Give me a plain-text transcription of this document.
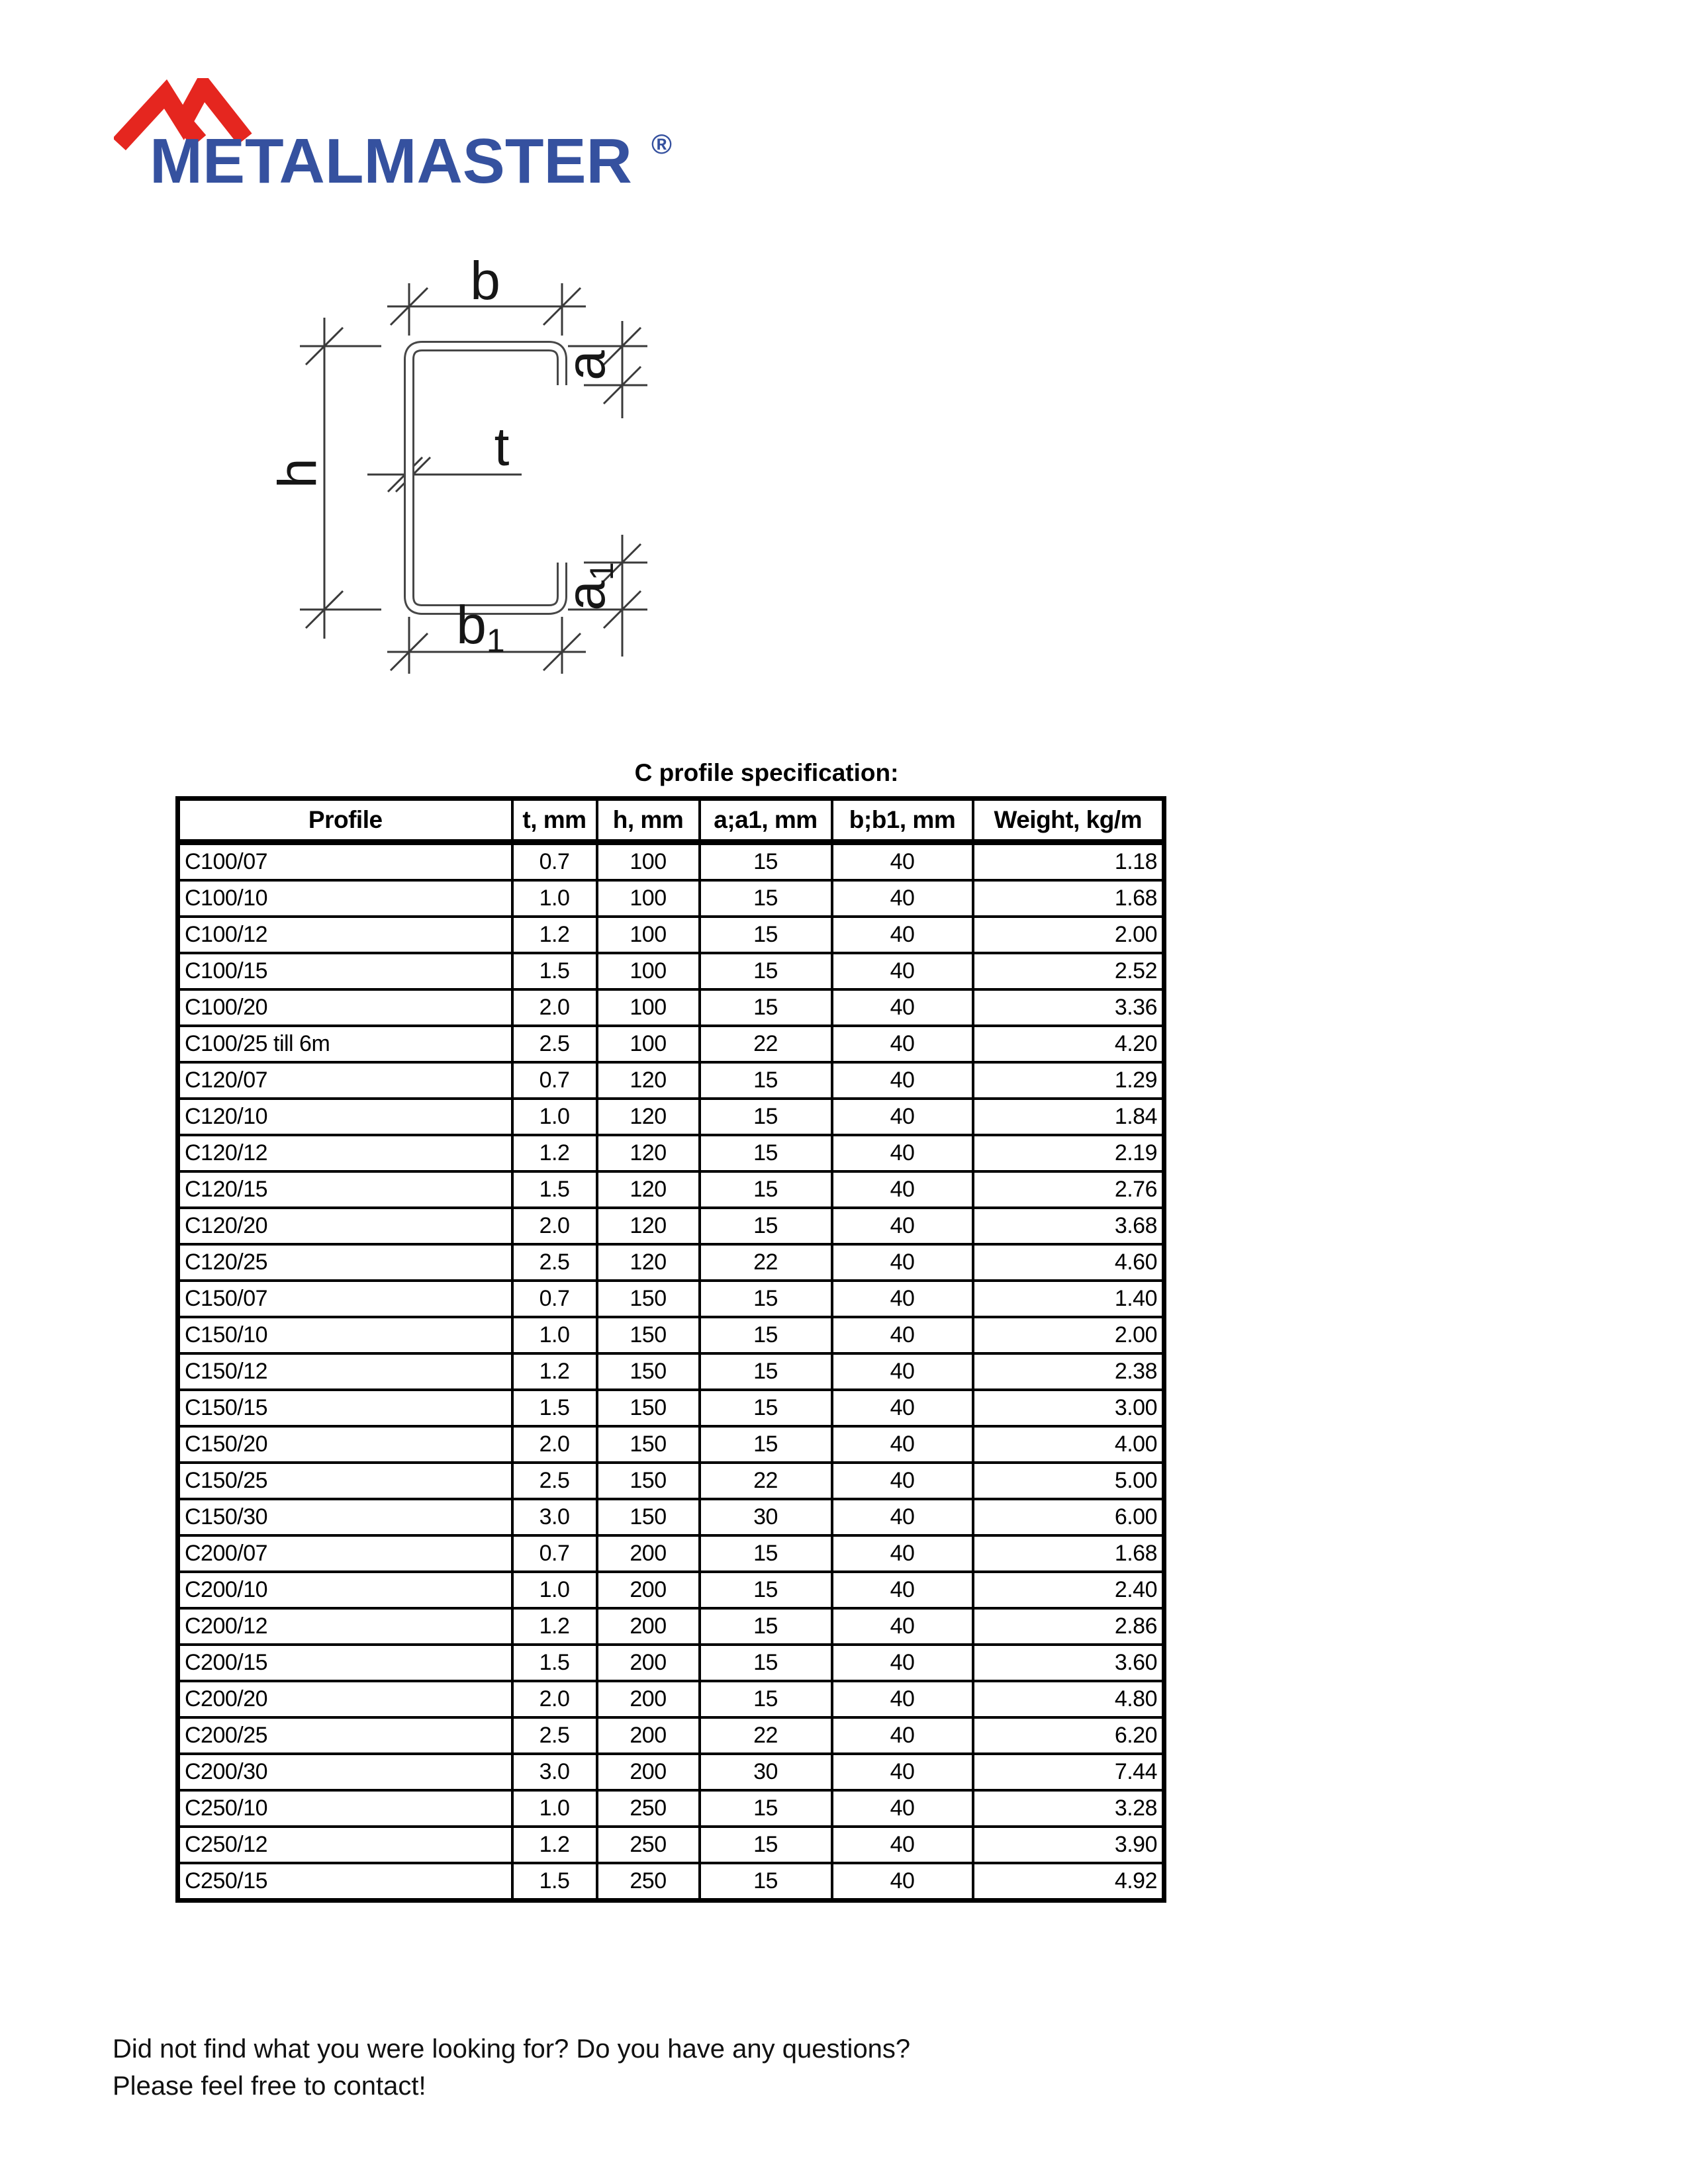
METALMASTER ®
b
t
h
a
a1
b1
C profile specification:
Profile	t, mm	h, mm	a;a1, mm	b;b1, mm	Weight, kg/m
C100/07	0.7	100	15	40	1.18
C100/10	1.0	100	15	40	1.68
C100/12	1.2	100	15	40	2.00
C100/15	1.5	100	15	40	2.52
C100/20	2.0	100	15	40	3.36
C100/25 till 6m	2.5	100	22	40	4.20
C120/07	0.7	120	15	40	1.29
C120/10	1.0	120	15	40	1.84
C120/12	1.2	120	15	40	2.19
C120/15	1.5	120	15	40	2.76
C120/20	2.0	120	15	40	3.68
C120/25	2.5	120	22	40	4.60
C150/07	0.7	150	15	40	1.40
C150/10	1.0	150	15	40	2.00
C150/12	1.2	150	15	40	2.38
C150/15	1.5	150	15	40	3.00
C150/20	2.0	150	15	40	4.00
C150/25	2.5	150	22	40	5.00
C150/30	3.0	150	30	40	6.00
C200/07	0.7	200	15	40	1.68
C200/10	1.0	200	15	40	2.40
C200/12	1.2	200	15	40	2.86
C200/15	1.5	200	15	40	3.60
C200/20	2.0	200	15	40	4.80
C200/25	2.5	200	22	40	6.20
C200/30	3.0	200	30	40	7.44
C250/10	1.0	250	15	40	3.28
C250/12	1.2	250	15	40	3.90
C250/15	1.5	250	15	40	4.92
Did not find what you were looking for? Do you have any questions?
Please feel free to contact!
